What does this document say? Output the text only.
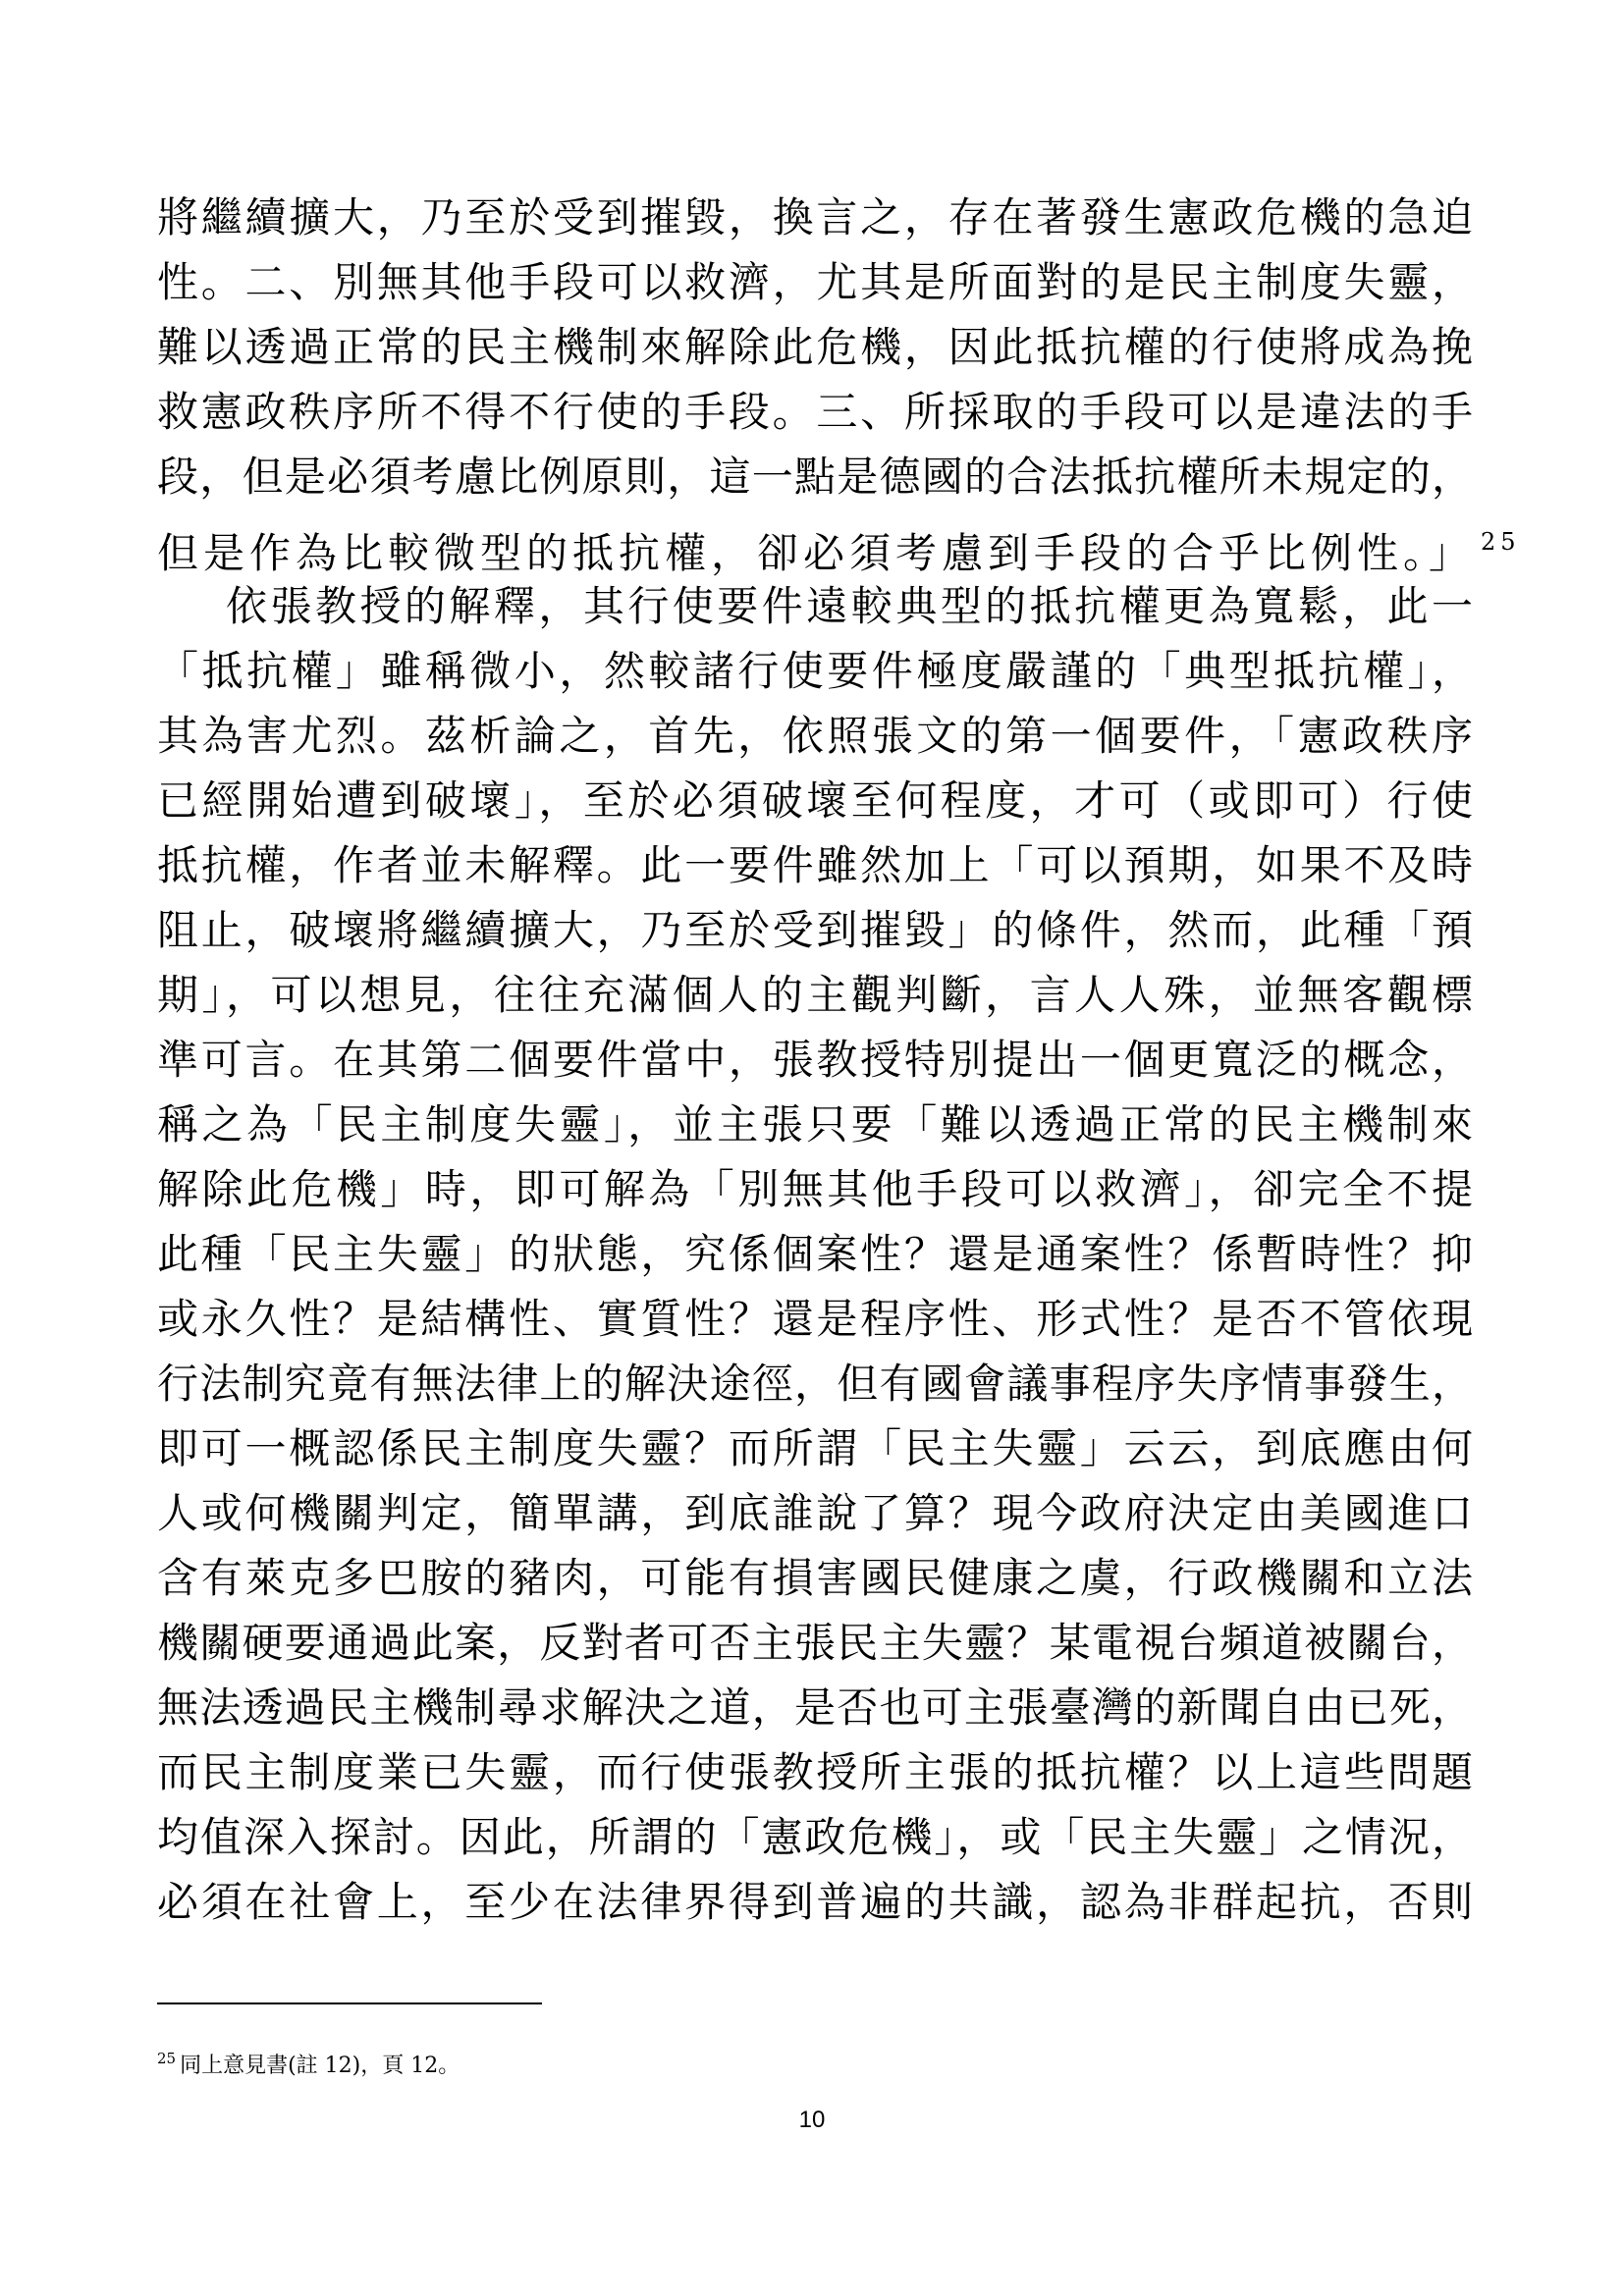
將繼續擴大，乃至於受到摧毀，換言之，存在著發生憲政危機的急迫
性。二、別無其他手段可以救濟，尤其是所面對的是民主制度失靈，
難以透過正常的民主機制來解除此危機，因此抵抗權的行使將成為挽
救憲政秩序所不得不行使的手段。三、所採取的手段可以是違法的手
段，但是必須考慮比例原則，這一點是德國的合法抵抗權所未規定的，
但是作為比較微型的抵抗權，卻必須考慮到手段的合乎比例性。」 $^{25}$
依張教授的解釋，其行使要件遠較典型的抵抗權更為寬鬆，此一
「抵抗權」雖稱微小，然較諸行使要件極度嚴謹的「典型抵抗權」，
其為害尤烈。茲析論之，首先，依照張文的第一個要件，「憲政秩序
已經開始遭到破壞」，至於必須破壞至何程度，才可（或即可）行使
抵抗權，作者並未解釋。此一要件雖然加上「可以預期，如果不及時
阻止，破壞將繼續擴大，乃至於受到摧毀」的條件，然而，此種「預
期」，可以想見，往往充滿個人的主觀判斷，言人人殊，並無客觀標
準可言。在其第二個要件當中，張教授特別提出一個更寬泛的概念，
稱之為「民主制度失靈」，並主張只要「難以透過正常的民主機制來
解除此危機」時，即可解為「別無其他手段可以救濟」，卻完全不提
此種「民主失靈」的狀態，究係個案性？還是通案性？係暫時性？抑
或永久性？是結構性、實質性？還是程序性、形式性？是否不管依現
行法制究竟有無法律上的解決途徑，但有國會議事程序失序情事發生，
即可一概認係民主制度失靈？而所謂「民主失靈」云云，到底應由何
人或何機關判定，簡單講，到底誰說了算？現今政府決定由美國進口
含有萊克多巴胺的豬肉，可能有損害國民健康之虞，行政機關和立法
機關硬要通過此案，反對者可否主張民主失靈？某電視台頻道被關台，
無法透過民主機制尋求解決之道，是否也可主張臺灣的新聞自由已死，
而民主制度業已失靈，而行使張教授所主張的抵抗權？以上這些問題
均值深入探討。因此，所謂的「憲政危機」，或「民主失靈」之情況，
必須在社會上，至少在法律界得到普遍的共識，認為非群起抗，否則
$^{25}$ 同上意見書(註 12)，頁 12。
10
